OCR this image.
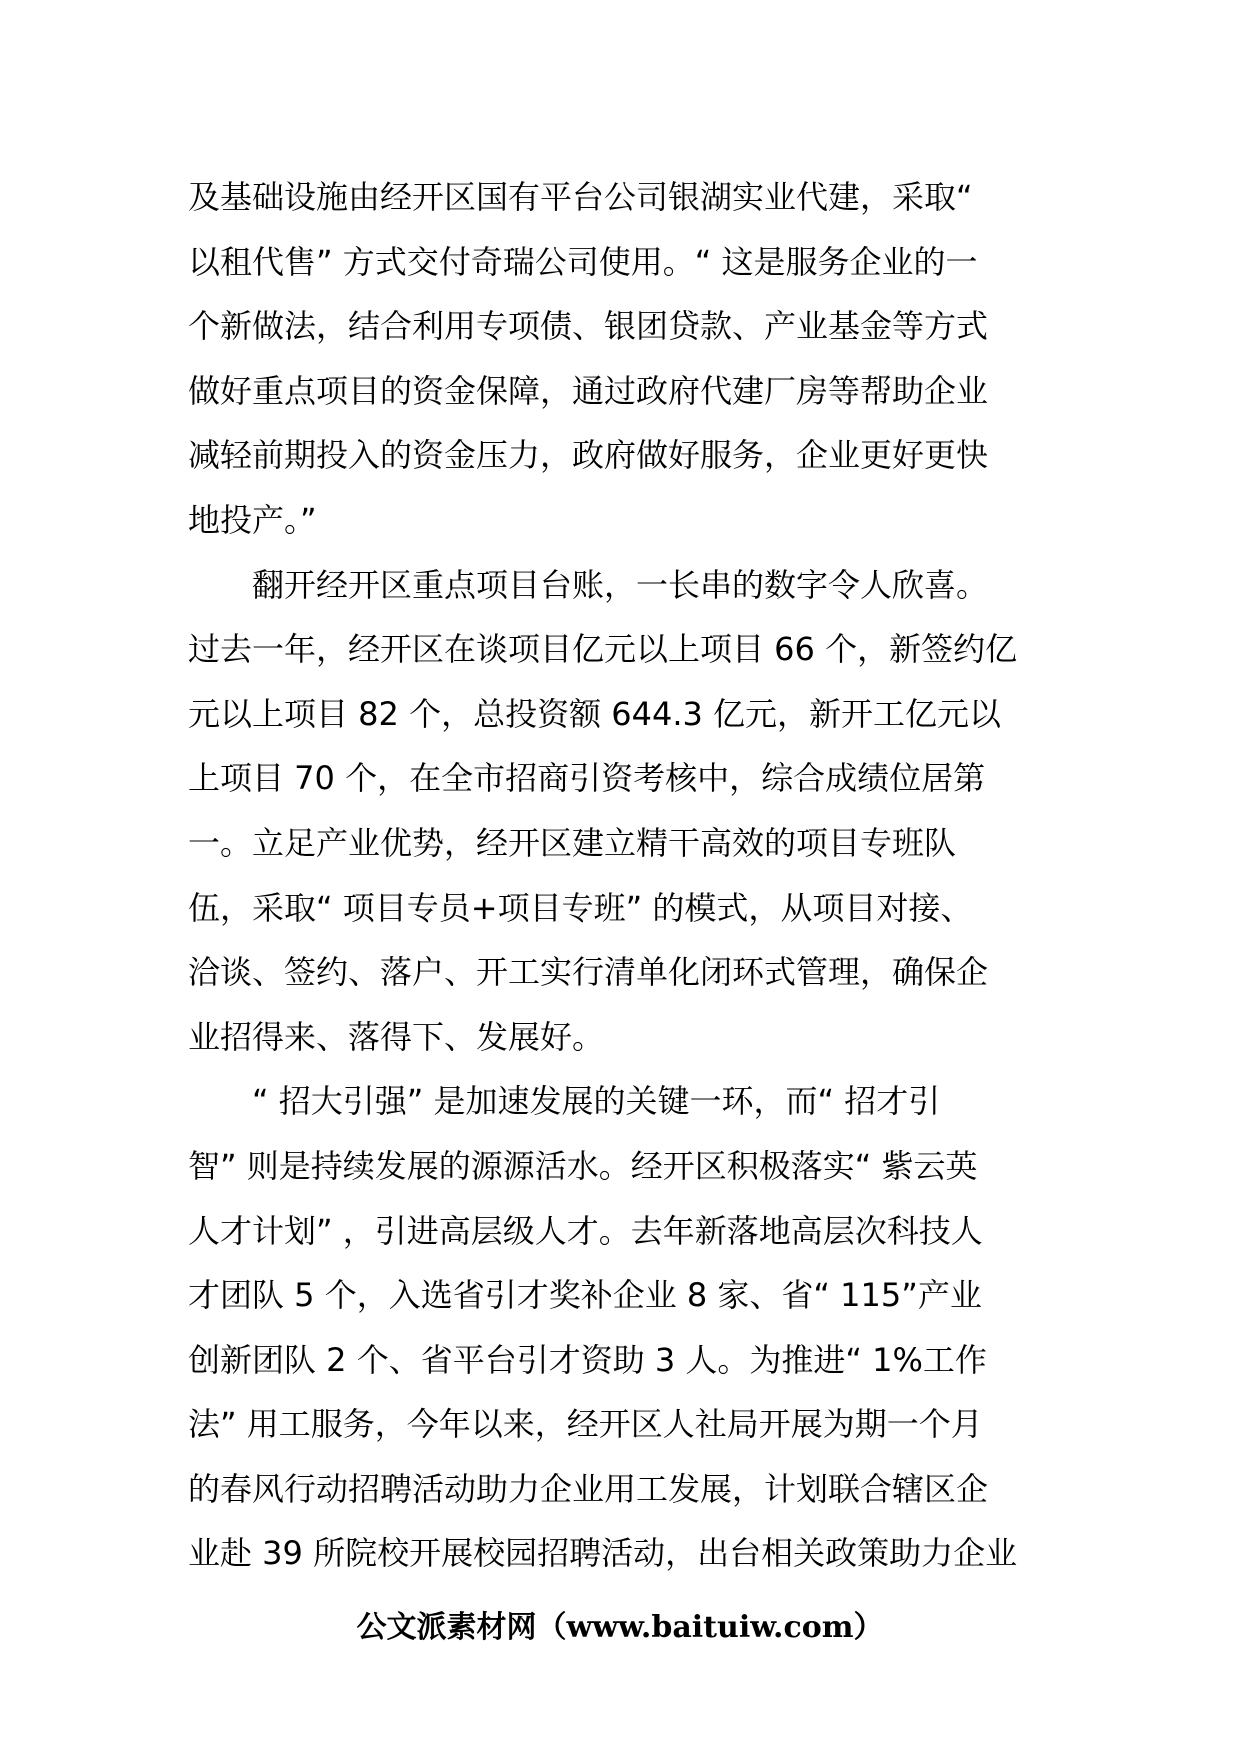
及基础设施由经开区国有平台公司银湖实业代建，采取“
以租代售” 方式交付奇瑞公司使用。“ 这是服务企业的一
个新做法，结合利用专项债、银团贷款、产业基金等方式
做好重点项目的资金保障，通过政府代建厂房等帮助企业
减轻前期投入的资金压力，政府做好服务，企业更好更快
地投产。”
翻开经开区重点项目台账，一长串的数字令人欣喜。
过去一年，经开区在谈项目亿元以上项目 66 个，新签约亿
元以上项目 82 个，总投资额 644.3 亿元，新开工亿元以
上项目 70 个，在全市招商引资考核中，综合成绩位居第
一。立足产业优势，经开区建立精干高效的项目专班队
伍，采取“ 项目专员+项目专班” 的模式，从项目对接、
洽谈、签约、落户、开工实行清单化闭环式管理，确保企
业招得来、落得下、发展好。
“ 招大引强” 是加速发展的关键一环，而“ 招才引
智” 则是持续发展的源源活水。经开区积极落实“ 紫云英
人才计划” ，引进高层级人才。去年新落地高层次科技人
才团队 5 个，入选省引才奖补企业 8 家、省“ 115”产业
创新团队 2 个、省平台引才资助 3 人。为推进“ 1%工作
法” 用工服务，今年以来，经开区人社局开展为期一个月
的春风行动招聘活动助力企业用工发展，计划联合辖区企
业赴 39 所院校开展校园招聘活动，出台相关政策助力企业
公文派素材网（www.baituiw.com）
